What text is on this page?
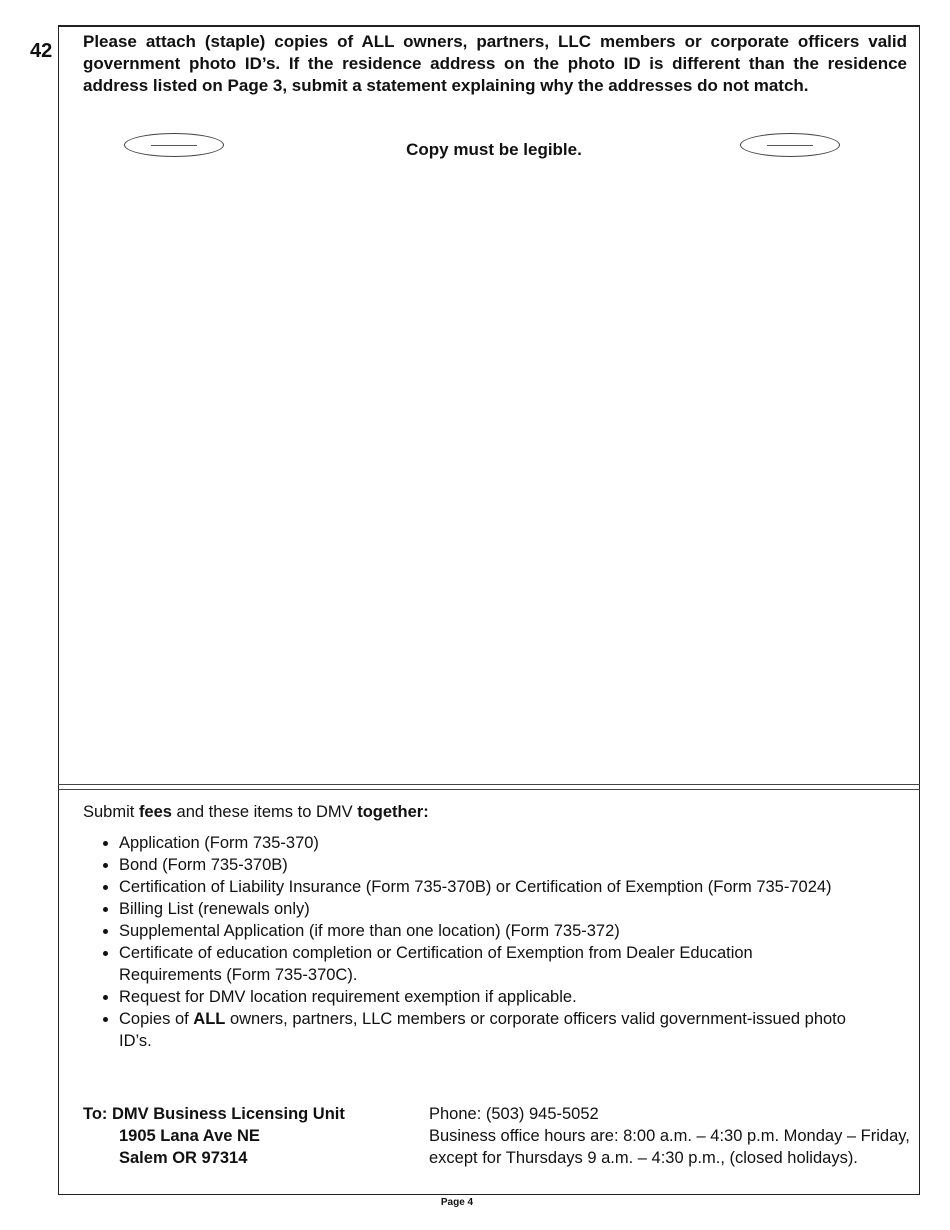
42 Please attach (staple) copies of ALL owners, partners, LLC members or corporate officers valid government photo ID’s. If the residence address on the photo ID is different than the residence address listed on Page 3, submit a statement explaining why the addresses do not match.
Copy must be legible.
Submit fees and these items to DMV together:
• Application (Form 735-370)
• Bond (Form 735-370B)
• Certification of Liability Insurance (Form 735-370B) or Certification of Exemption (Form 735-7024)
• Billing List (renewals only)
• Supplemental Application (if more than one location) (Form 735-372)
• Certificate of education completion or Certification of Exemption from Dealer Education Requirements (Form 735-370C).
• Request for DMV location requirement exemption if applicable.
• Copies of ALL owners, partners, LLC members or corporate officers valid government-issued photo ID’s.
To: DMV Business Licensing Unit
1905 Lana Ave NE
Salem OR 97314
Phone: (503) 945-5052
Business office hours are: 8:00 a.m. – 4:30 p.m. Monday – Friday, except for Thursdays 9 a.m. – 4:30 p.m., (closed holidays).
Page 4
